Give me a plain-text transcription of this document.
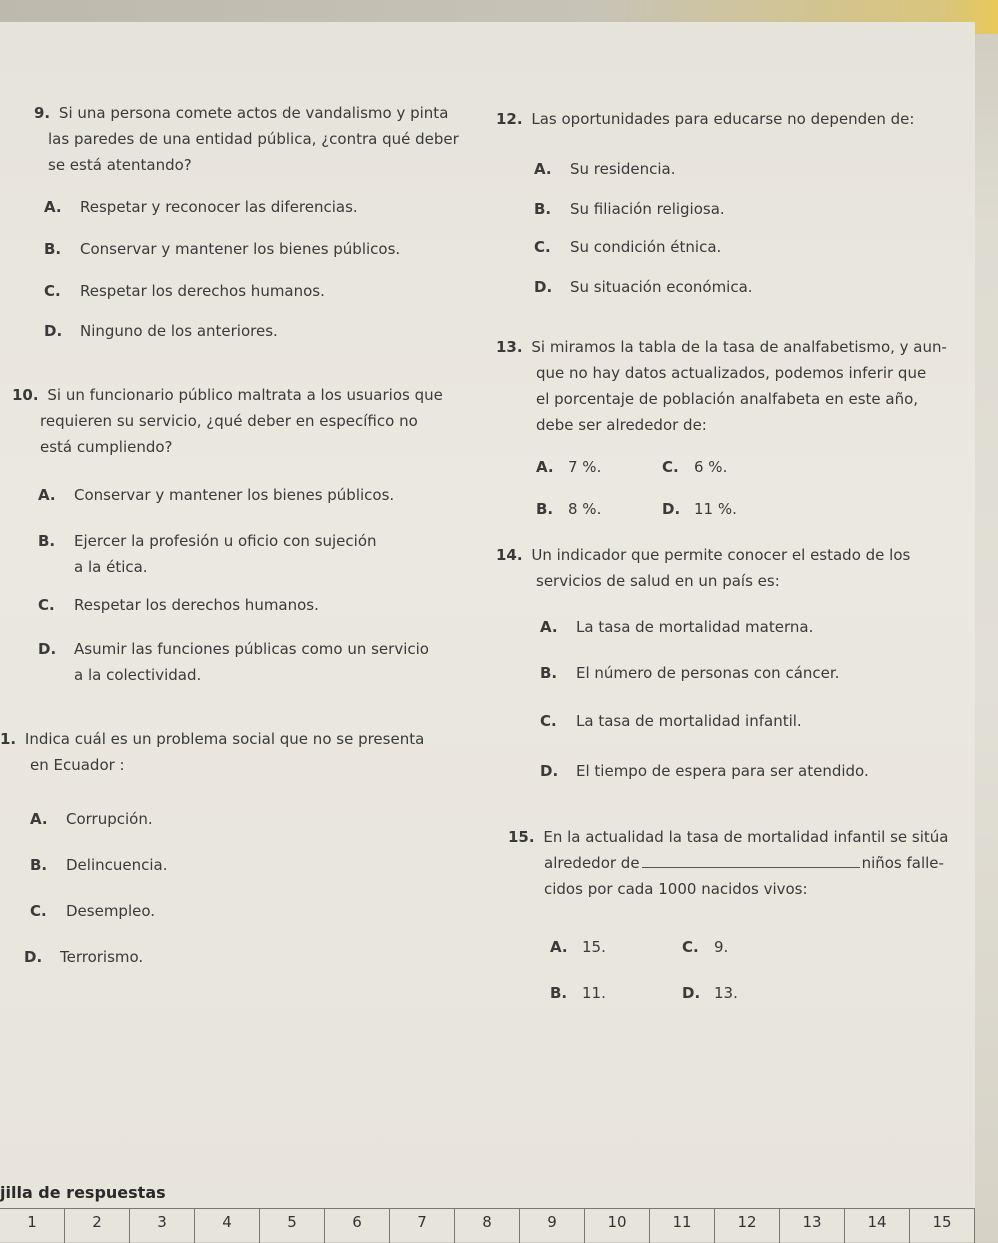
9. Si una persona comete actos de vandalismo y pinta
las paredes de una entidad pública, ¿contra qué deber
se está atentando?
A. Respetar y reconocer las diferencias.
B. Conservar y mantener los bienes públicos.
C. Respetar los derechos humanos.
D. Ninguno de los anteriores.
10. Si un funcionario público maltrata a los usuarios que
requieren su servicio, ¿qué deber en específico no
está cumpliendo?
A. Conservar y mantener los bienes públicos.
B. Ejercer la profesión u oficio con sujeción
a la ética.
C. Respetar los derechos humanos.
D. Asumir las funciones públicas como un servicio
a la colectividad.
1. Indica cuál es un problema social que no se presenta
en Ecuador :
A. Corrupción.
B. Delincuencia.
C. Desempleo.
D. Terrorismo.
12. Las oportunidades para educarse no dependen de:
A. Su residencia.
B. Su filiación religiosa.
C. Su condición étnica.
D. Su situación económica.
13. Si miramos la tabla de la tasa de analfabetismo, y aun-
que no hay datos actualizados, podemos inferir que
el porcentaje de población analfabeta en este año,
debe ser alrededor de:
A. 7 %.	C. 6 %.
B. 8 %.	D. 11 %.
14. Un indicador que permite conocer el estado de los
servicios de salud en un país es:
A. La tasa de mortalidad materna.
B. El número de personas con cáncer.
C. La tasa de mortalidad infantil.
D. El tiempo de espera para ser atendido.
15. En la actualidad la tasa de mortalidad infantil se sitúa
alrededor de	niños falle-
cidos por cada 1000 nacidos vivos:
A. 15.	C. 9.
B. 11.	D. 13.
jilla de respuestas
1	2	3	4	5	6	7	8	9	10	11	12	13	14	15
